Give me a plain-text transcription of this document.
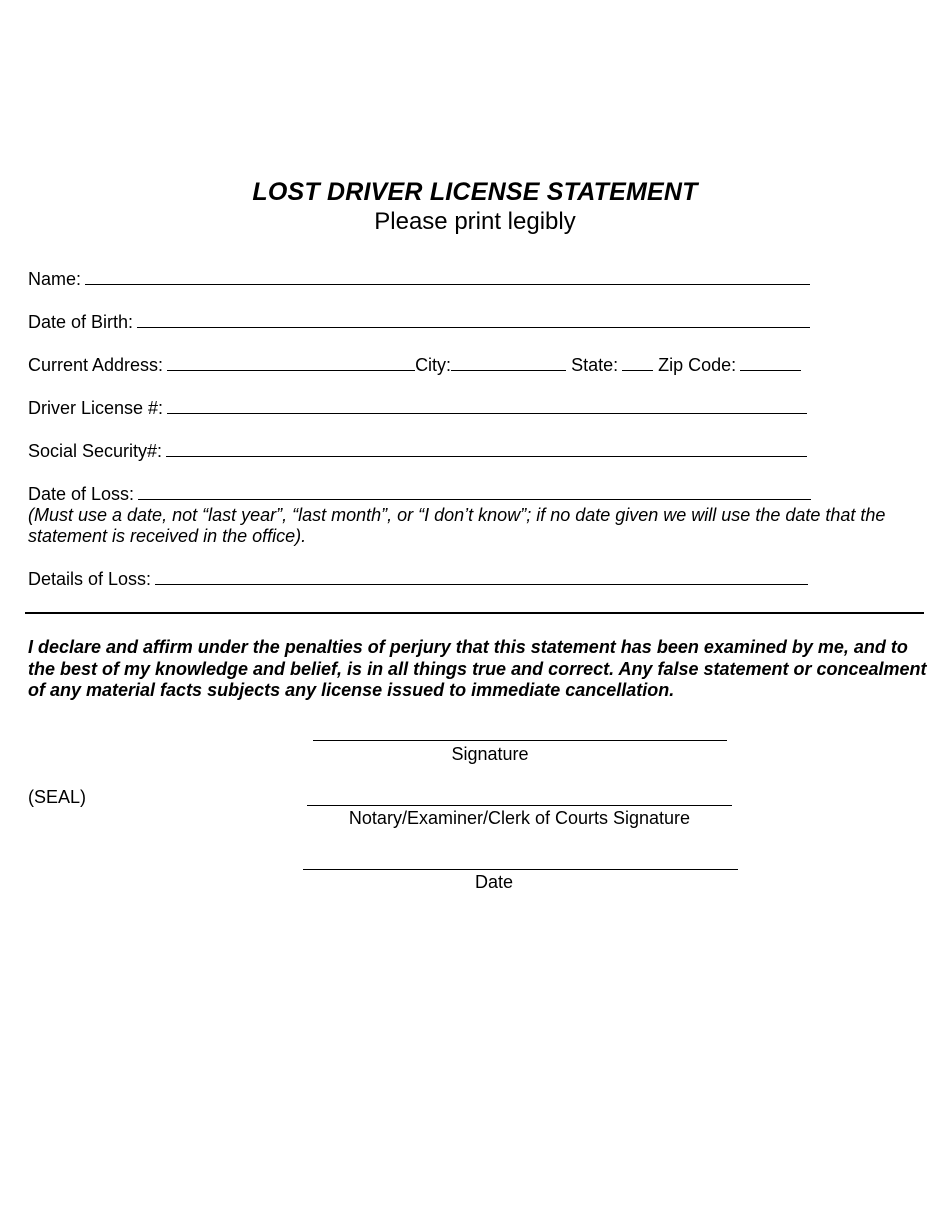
LOST DRIVER LICENSE STATEMENT
Please print legibly
Name:
Date of Birth:
Current Address:	City:	State: Zip Code:
Driver License #:
Social Security#:
Date of Loss:
(Must use a date, not “last year”, “last month”, or “I don’t know”; if no date given we will use the date that the statement is received in the office).
Details of Loss:
I declare and affirm under the penalties of perjury that this statement has been examined by me, and to the best of my knowledge and belief, is in all things true and correct. Any false statement or concealment of any material facts subjects any license issued to immediate cancellation.
Signature
(SEAL)
Notary/Examiner/Clerk of Courts Signature
Date
